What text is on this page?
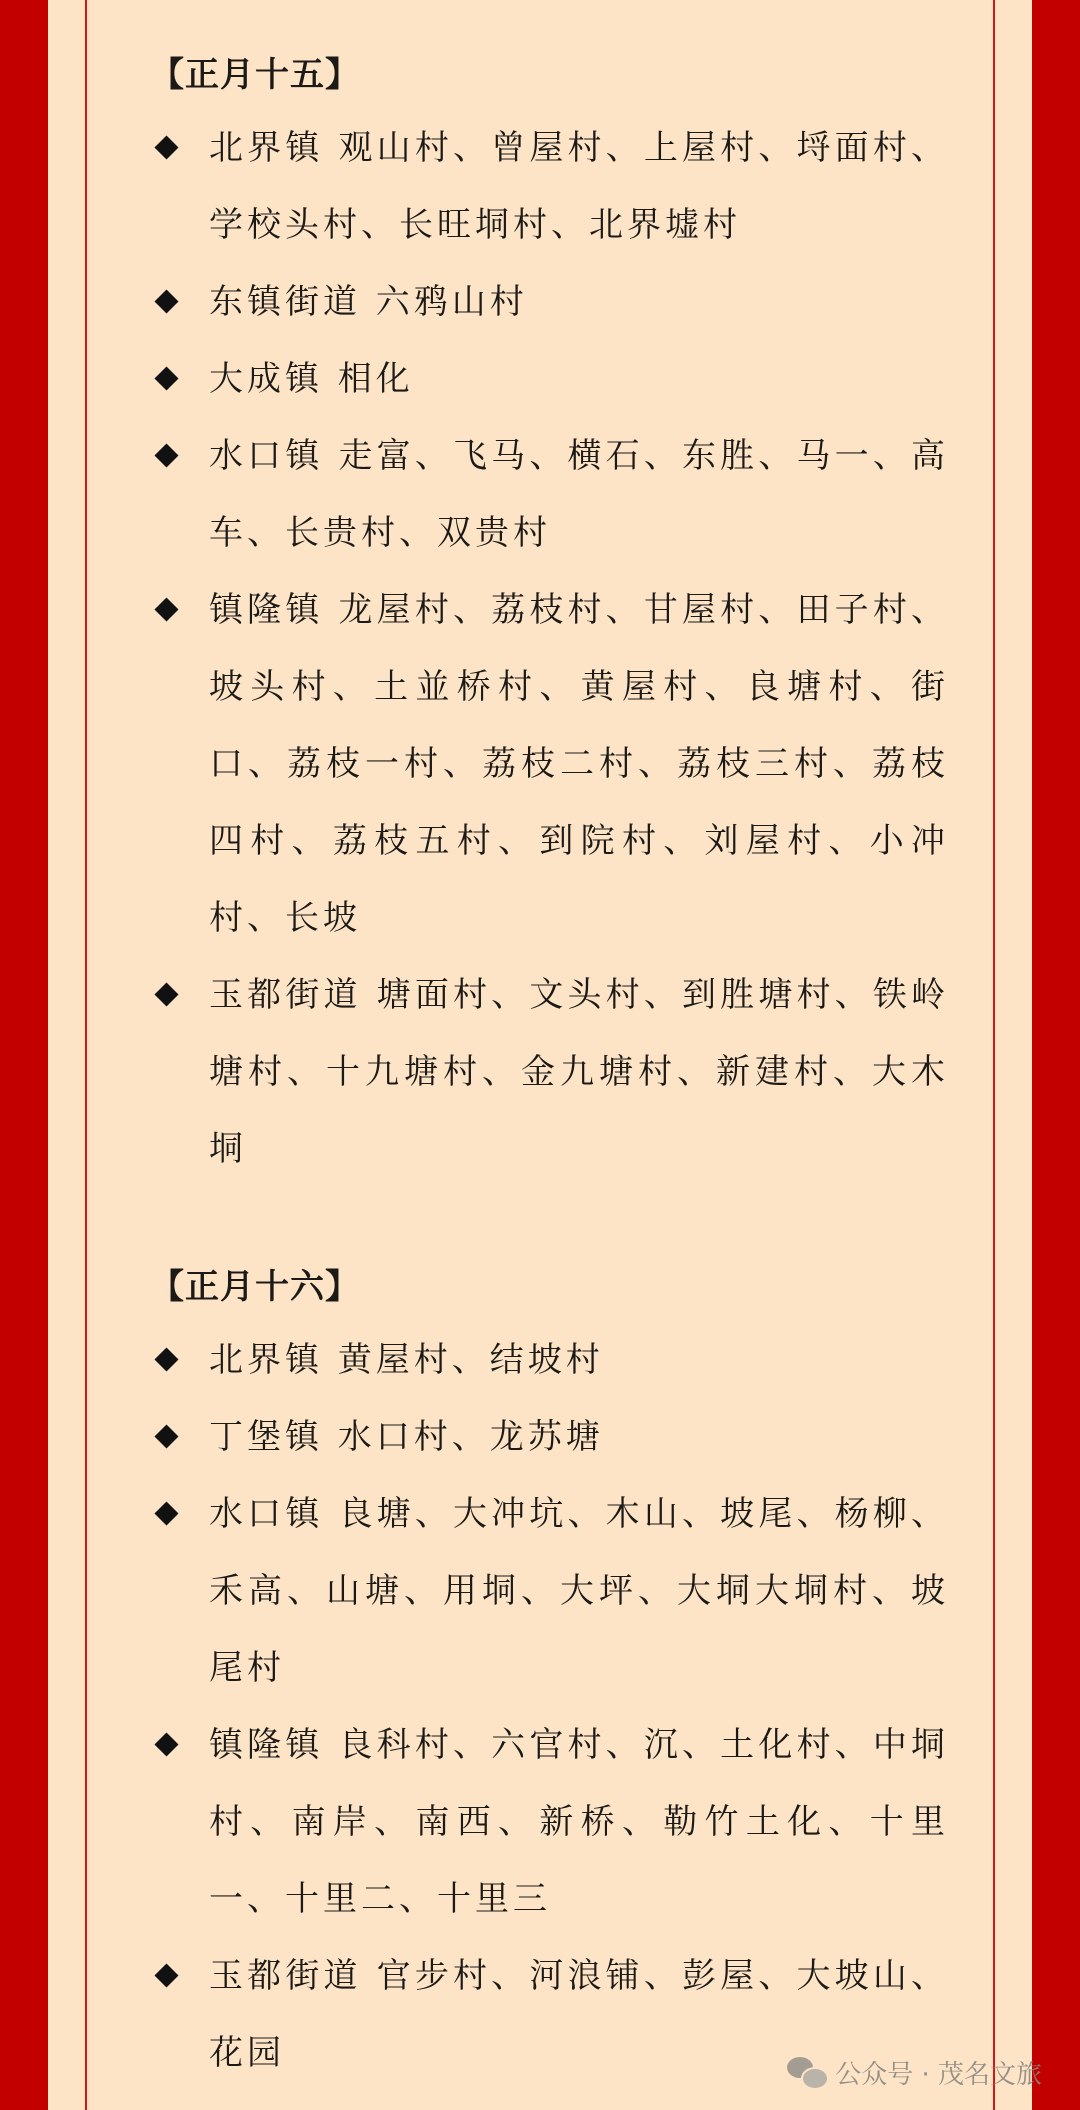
【正月十五】
北界镇 观山村、曾屋村、上屋村、埒面村、学校头村、长旺垌村、北界墟村
东镇街道 六鸦山村
大成镇 相化
水口镇 走富、飞马、横石、东胜、马一、高车、长贵村、双贵村
镇隆镇 龙屋村、荔枝村、甘屋村、田子村、坡头村、土並桥村、黄屋村、良塘村、街口、荔枝一村、荔枝二村、荔枝三村、荔枝四村、荔枝五村、到院村、刘屋村、小冲村、长坡
玉都街道 塘面村、文头村、到胜塘村、铁岭塘村、十九塘村、金九塘村、新建村、大木垌
【正月十六】
北界镇 黄屋村、结坡村
丁堡镇 水口村、龙苏塘
水口镇 良塘、大冲坑、木山、坡尾、杨柳、禾高、山塘、用垌、大坪、大垌大垌村、坡尾村
镇隆镇 良科村、六官村、沉、土化村、中垌村、南岸、南西、新桥、勒竹土化、十里一、十里二、十里三
玉都街道 官步村、河浪铺、彭屋、大坡山、花园
公众号 · 茂名文旅
